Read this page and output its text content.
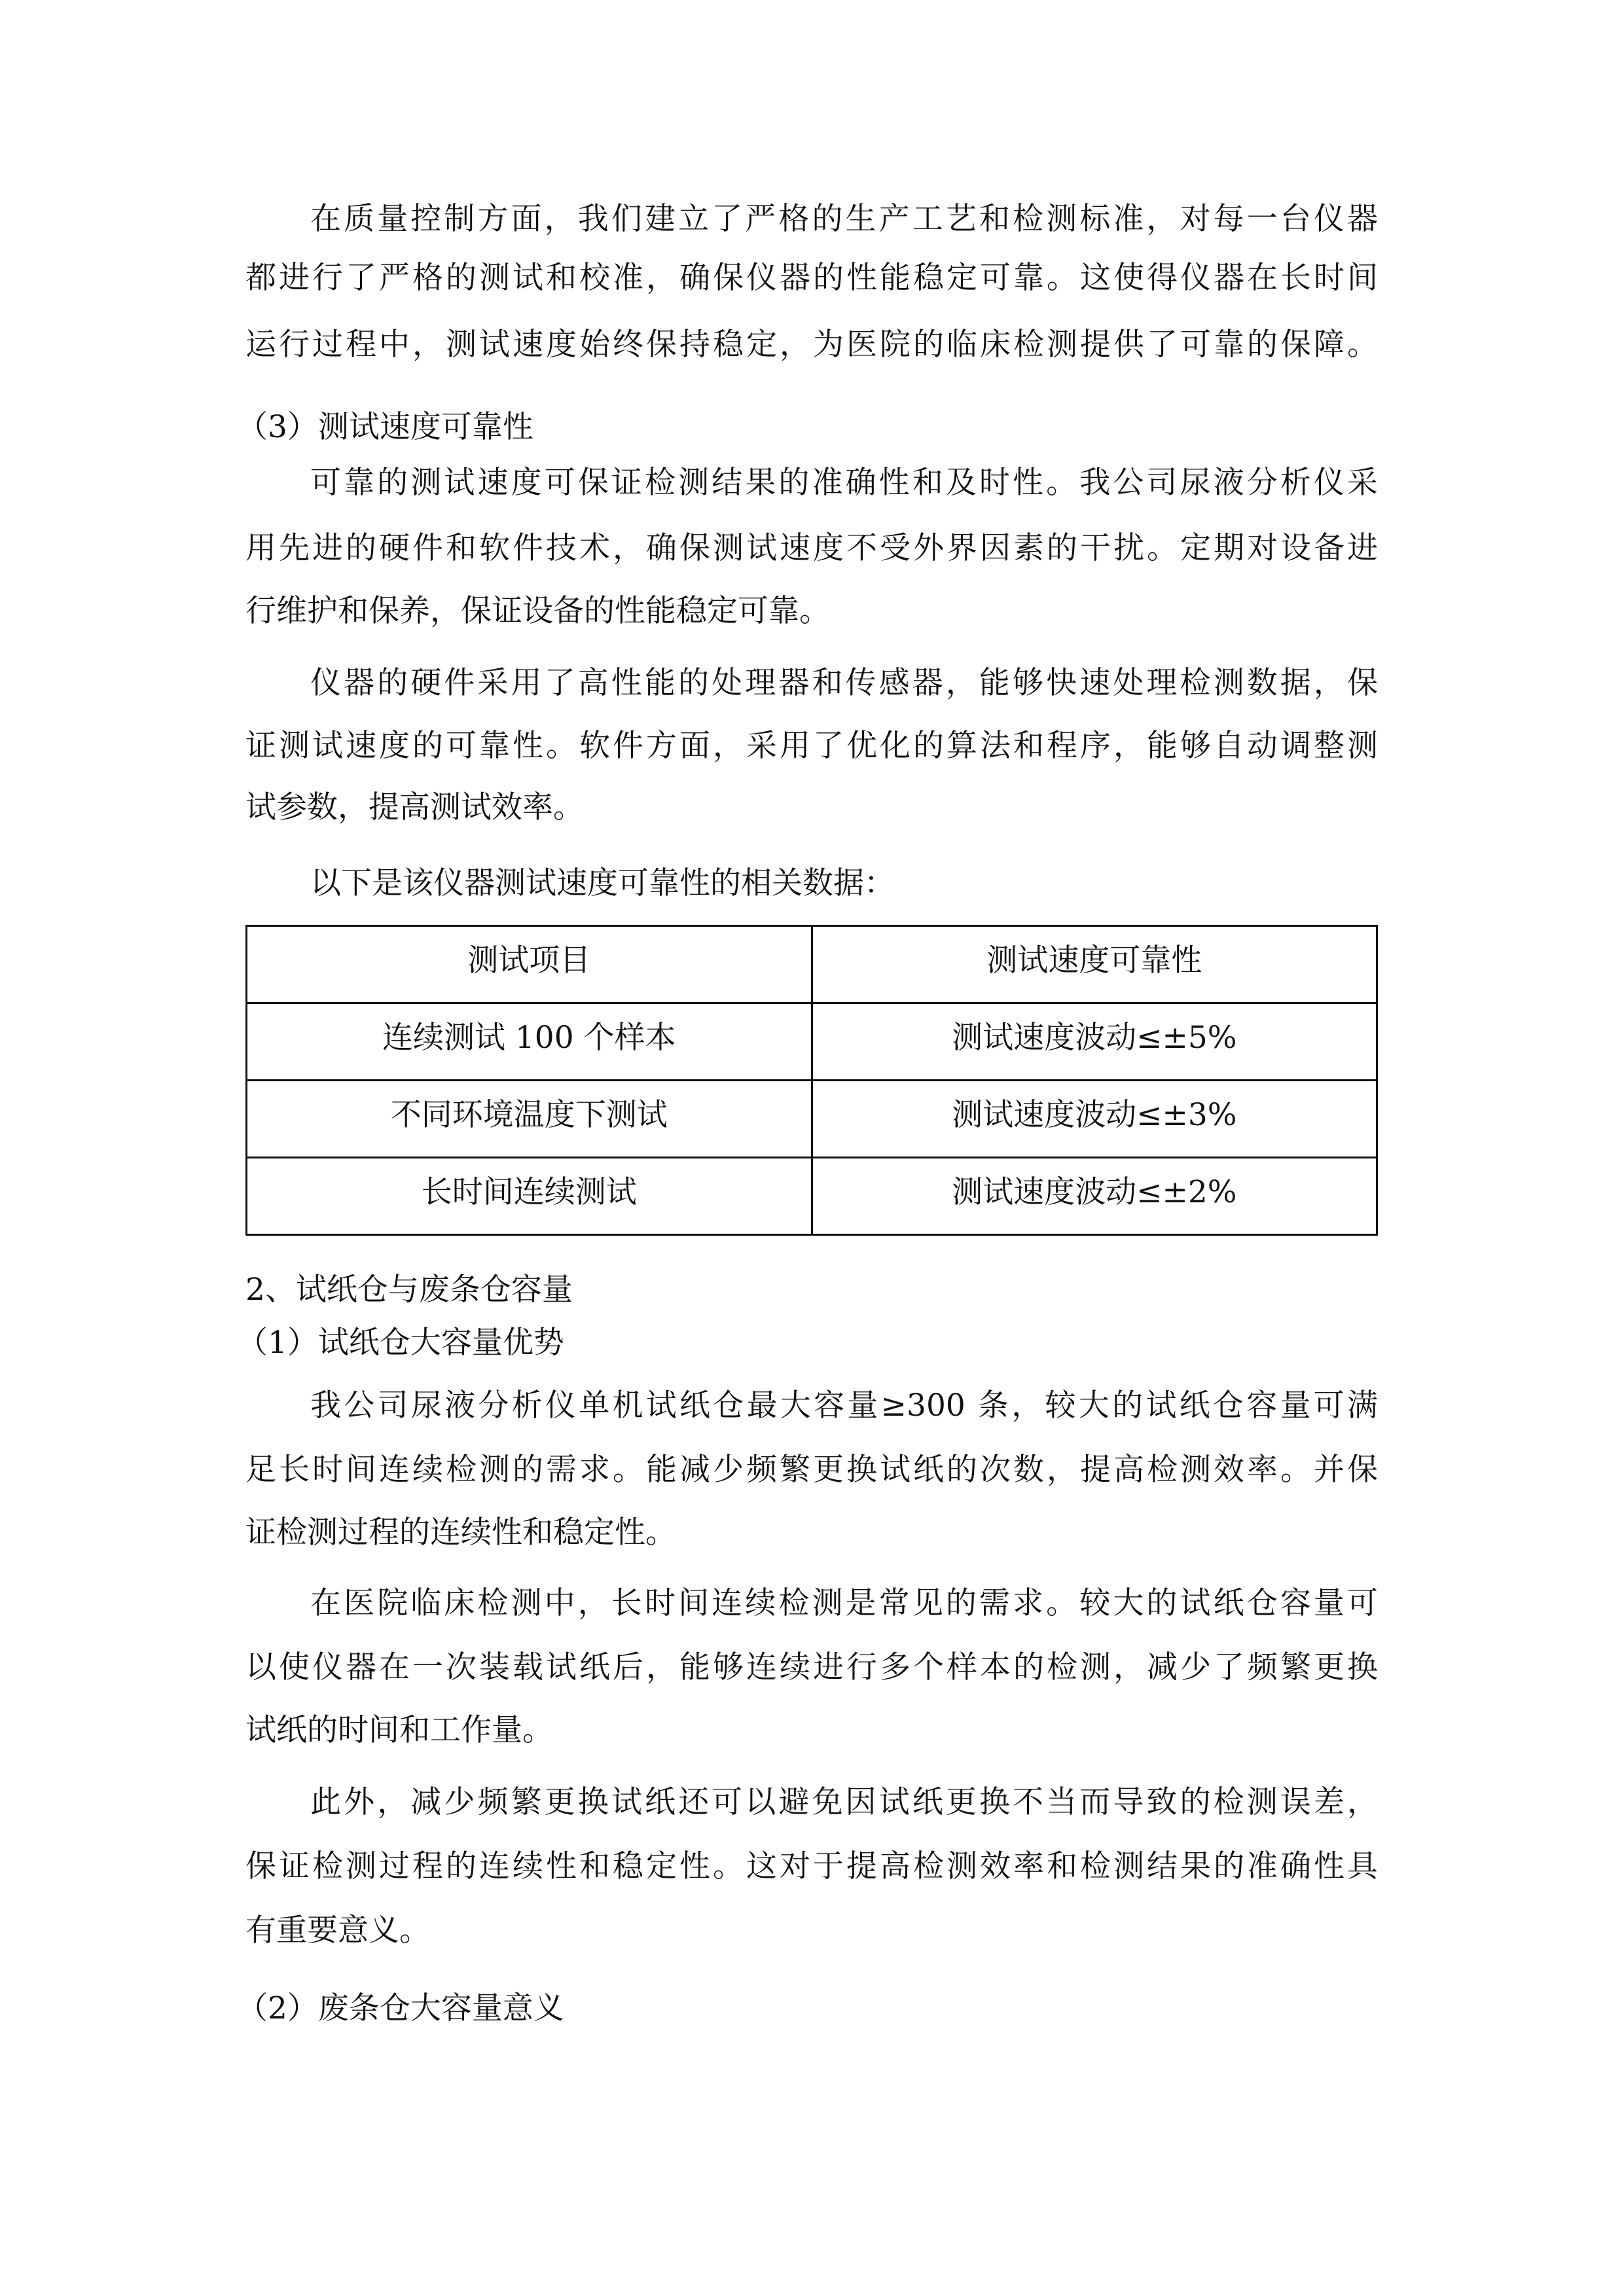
在质量控制方面，我们建立了严格的生产工艺和检测标准，对每一台仪器
都进行了严格的测试和校准，确保仪器的性能稳定可靠。这使得仪器在长时间
运行过程中，测试速度始终保持稳定，为医院的临床检测提供了可靠的保障。
（3）测试速度可靠性
可靠的测试速度可保证检测结果的准确性和及时性。我公司尿液分析仪采
用先进的硬件和软件技术，确保测试速度不受外界因素的干扰。定期对设备进
行维护和保养，保证设备的性能稳定可靠。
仪器的硬件采用了高性能的处理器和传感器，能够快速处理检测数据，保
证测试速度的可靠性。软件方面，采用了优化的算法和程序，能够自动调整测
试参数，提高测试效率。
以下是该仪器测试速度可靠性的相关数据：
2、试纸仓与废条仓容量
（1）试纸仓大容量优势
我公司尿液分析仪单机试纸仓最大容量≥300 条，较大的试纸仓容量可满
足长时间连续检测的需求。能减少频繁更换试纸的次数，提高检测效率。并保
证检测过程的连续性和稳定性。
在医院临床检测中，长时间连续检测是常见的需求。较大的试纸仓容量可
以使仪器在一次装载试纸后，能够连续进行多个样本的检测，减少了频繁更换
试纸的时间和工作量。
此外，减少频繁更换试纸还可以避免因试纸更换不当而导致的检测误差，
保证检测过程的连续性和稳定性。这对于提高检测效率和检测结果的准确性具
有重要意义。
（2）废条仓大容量意义
测试项目	测试速度可靠性
连续测试 100 个样本	测试速度波动≤±5%
不同环境温度下测试	测试速度波动≤±3%
长时间连续测试	测试速度波动≤±2%
